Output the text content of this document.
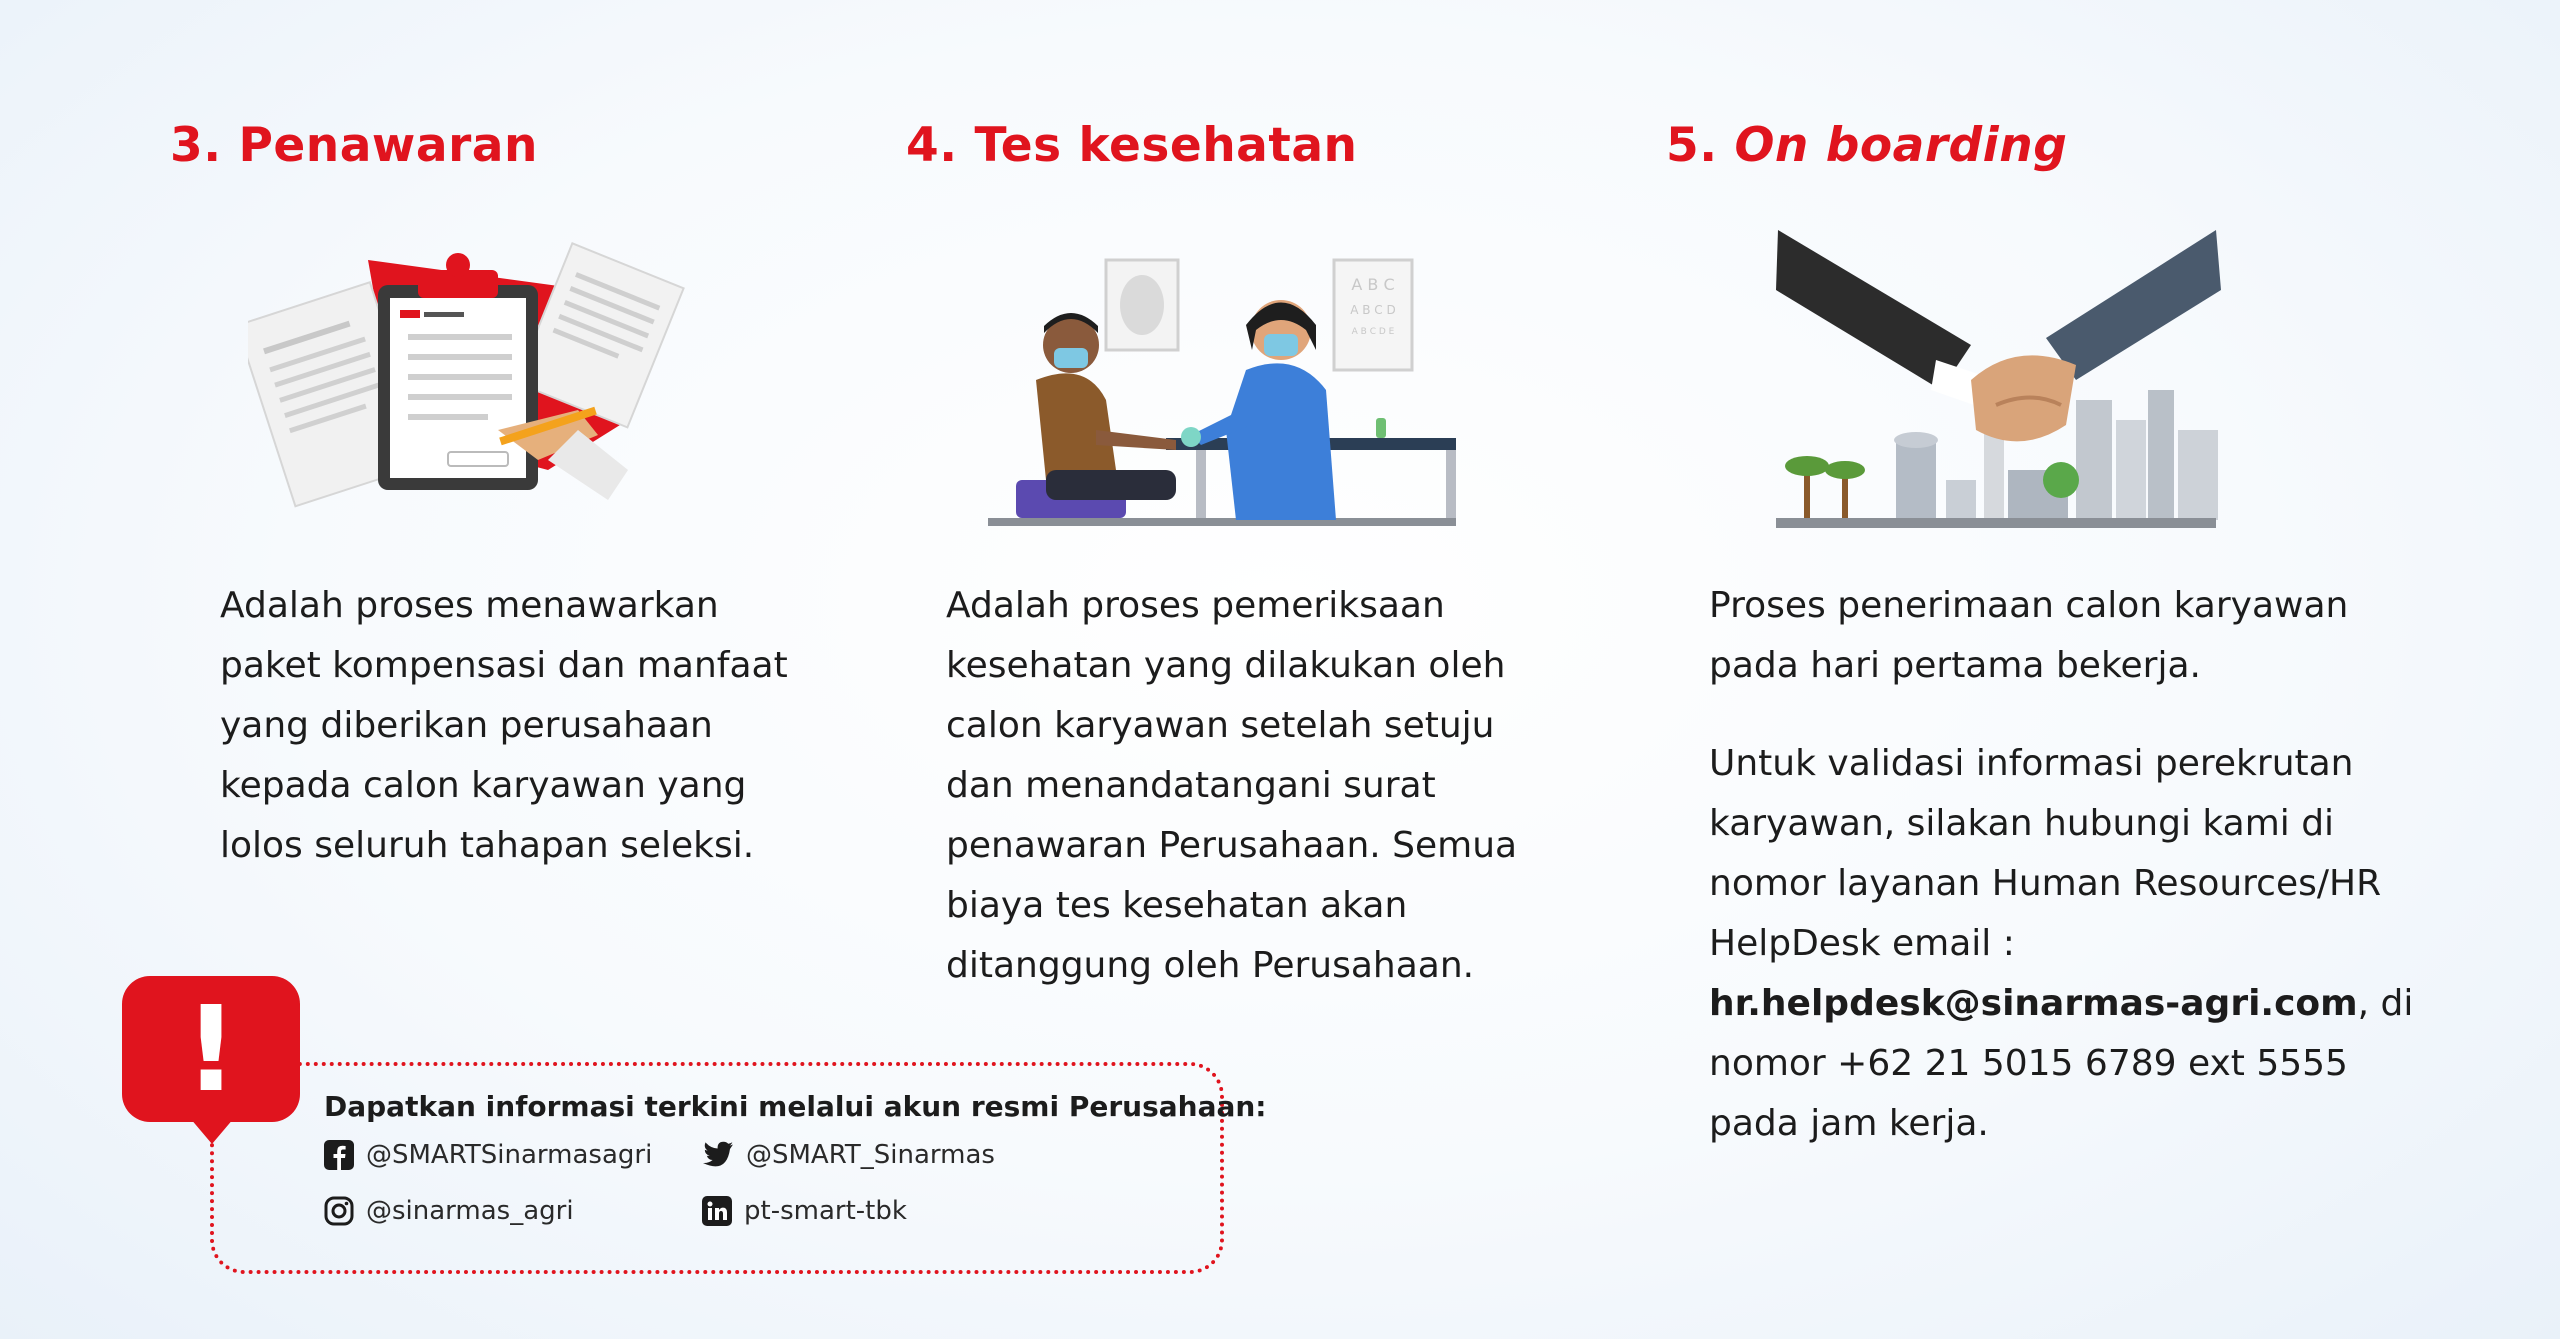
3. Penawaran

Adalah proses menawarkan paket kompensasi dan manfaat yang diberikan perusahaan kepada calon karyawan yang lolos seluruh tahapan seleksi.

4. Tes kesehatan
A B C
A B C D
A B C D E

Adalah proses pemeriksaan kesehatan yang dilakukan oleh calon karyawan setelah setuju dan menandatangani surat penawaran Perusahaan. Semua biaya tes kesehatan akan ditanggung oleh Perusahaan.

5. On boarding

Proses penerimaan calon karyawan pada hari pertama bekerja.

Untuk validasi informasi perekrutan karyawan, silakan hubungi kami di nomor layanan Human Resources/HR HelpDesk email : hr.helpdesk@sinarmas-agri.com, di nomor +62 21 5015 6789 ext 5555 pada jam kerja.

!	Dapatkan informasi terkini melalui akun resmi Perusahaan:

@SMARTSinarmasagri	@SMART_Sinarmas
@sinarmas_agri	pt-smart-tbk
